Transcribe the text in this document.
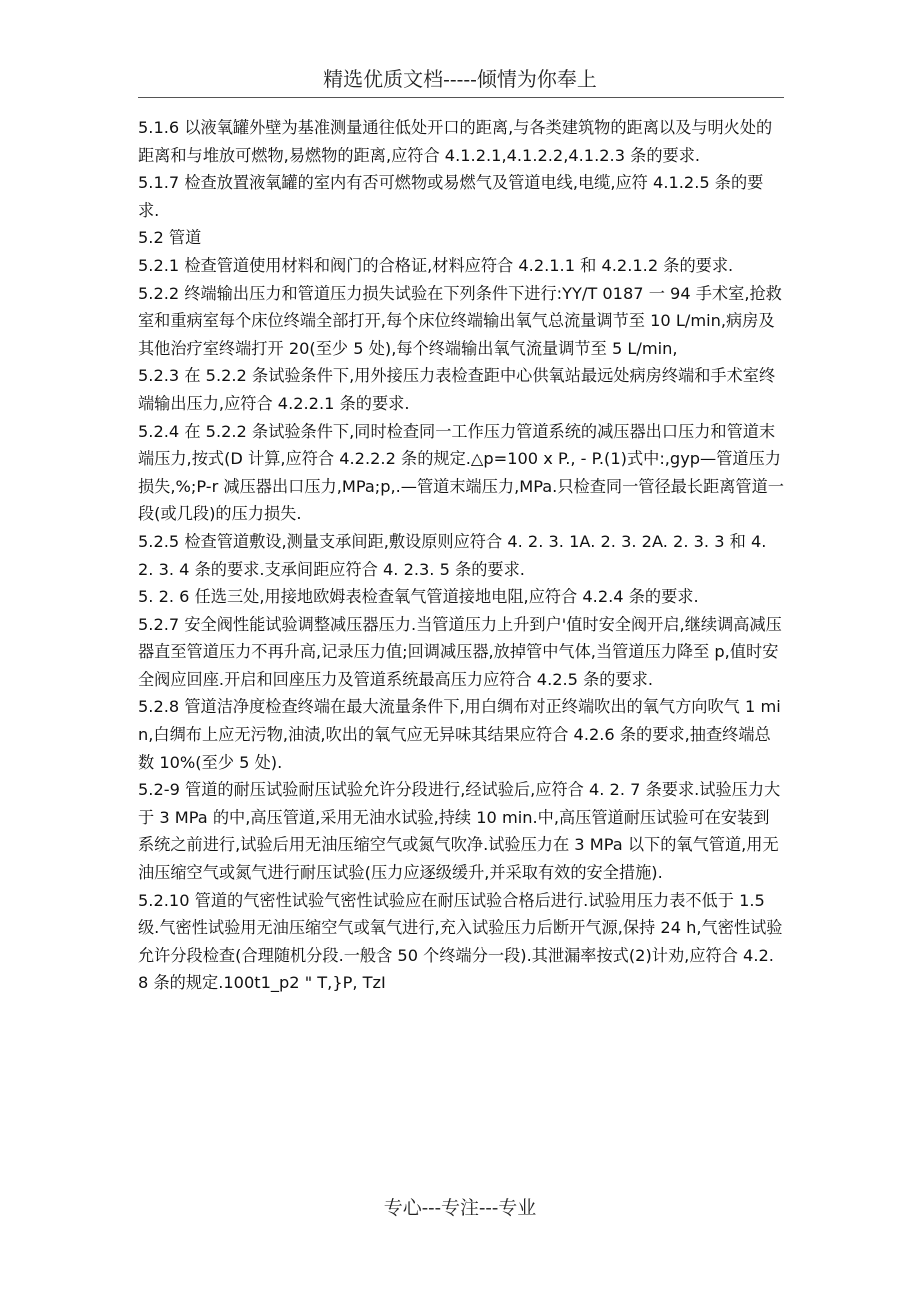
精选优质文档-----倾情为你奉上

5.1.6 以液氧罐外壁为基准测量通往低处开口的距离,与各类建筑物的距离以及与明火处的距离和与堆放可燃物,易燃物的距离,应符合 4.1.2.1,4.1.2.2,4.1.2.3 条的要求.

5.1.7 检查放置液氧罐的室内有否可燃物或易燃气及管道电线,电缆,应符 4.1.2.5 条的要求.

5.2 管道

5.2.1 检查管道使用材料和阀门的合格证,材料应符合 4.2.1.1 和 4.2.1.2 条的要求.

5.2.2 终端输出压力和管道压力损失试验在下列条件下进行:YY/T 0187 一 94 手术室,抢救室和重病室每个床位终端全部打开,每个床位终端输出氧气总流量调节至 10 L/min,病房及其他治疗室终端打开 20(至少 5 处),每个终端输出氧气流量调节至 5 L/min,

5.2.3 在 5.2.2 条试验条件下,用外接压力表检查距中心供氧站最远处病房终端和手术室终端输出压力,应符合 4.2.2.1 条的要求.

5.2.4 在 5.2.2 条试验条件下,同时检查同一工作压力管道系统的减压器出口压力和管道末端压力,按式(D 计算,应符合 4.2.2.2 条的规定.△p=100 x P., - P.(1)式中:,gyp—管道压力损失,%;P-r 减压器出口压力,MPa;p,.—管道末端压力,MPa.只检查同一管径最长距离管道一段(或几段)的压力损失.

5.2.5 检查管道敷设,测量支承间距,敷设原则应符合 4. 2. 3. 1A. 2. 3. 2A. 2. 3. 3 和 4. 2. 3. 4 条的要求.支承间距应符合 4. 2.3. 5 条的要求.

5. 2. 6 任选三处,用接地欧姆表检查氧气管道接地电阻,应符合 4.2.4 条的要求.

5.2.7 安全阀性能试验调整减压器压力.当管道压力上升到户'值时安全阀开启,继续调高减压器直至管道压力不再升高,记录压力值;回调减压器,放掉管中气体,当管道压力降至 p,值时安全阀应回座.开启和回座压力及管道系统最高压力应符合 4.2.5 条的要求.

5.2.8 管道洁净度检查终端在最大流量条件下,用白绸布对正终端吹出的氧气方向吹气 1 min,白绸布上应无污物,油渍,吹出的氧气应无异味其结果应符合 4.2.6 条的要求,抽查终端总数 10%(至少 5 处).

5.2-9 管道的耐压试验耐压试验允许分段进行,经试验后,应符合 4. 2. 7 条要求.试验压力大于 3 MPa 的中,高压管道,采用无油水试验,持续 10 min.中,高压管道耐压试验可在安装到系统之前进行,试验后用无油压缩空气或氮气吹净.试验压力在 3 MPa 以下的氧气管道,用无油压缩空气或氮气进行耐压试验(压力应逐级缓升,并采取有效的安全措施).

5.2.10 管道的气密性试验气密性试验应在耐压试验合格后进行.试验用压力表不低于 1.5 级.气密性试验用无油压缩空气或氧气进行,充入试验压力后断开气源,保持 24 h,气密性试验允许分段检查(合理随机分段.一般含 50 个终端分一段).其泄漏率按式(2)计劝,应符合 4.2.8 条的规定.100t1_p2 " T,}P, TzI

专心---专注---专业
